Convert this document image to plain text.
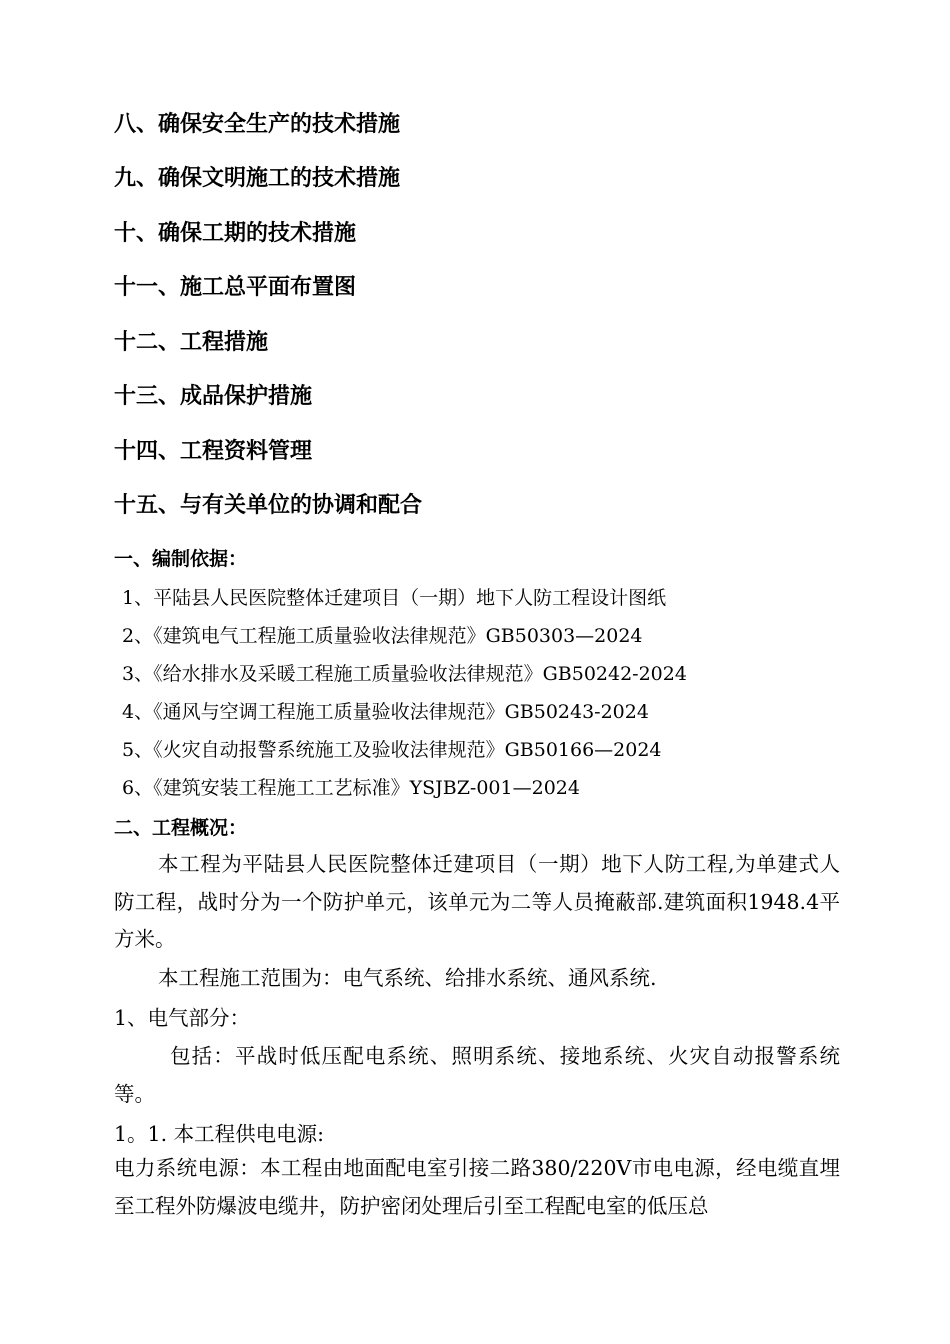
八、确保安全生产的技术措施
九、确保文明施工的技术措施
十、确保工期的技术措施
十一、施工总平面布置图
十二、工程措施
十三、成品保护措施
十四、工程资料管理
十五、与有关单位的协调和配合
一、编制依据：
1、平陆县人民医院整体迁建项目（一期）地下人防工程设计图纸
2、《建筑电气工程施工质量验收法律规范》GB50303—2024
3、《给水排水及采暖工程施工质量验收法律规范》GB50242-2024
4、《通风与空调工程施工质量验收法律规范》GB50243-2024
5、《火灾自动报警系统施工及验收法律规范》GB50166—2024
6、《建筑安装工程施工工艺标准》YSJBZ-001—2024
二、工程概况：
本工程为平陆县人民医院整体迁建项目（一期）地下人防工程,为单建式人防工程，战时分为一个防护单元，该单元为二等人员掩蔽部.建筑面积1948.4平方米。
本工程施工范围为：电气系统、给排水系统、通风系统.
1、电气部分：
包括：平战时低压配电系统、照明系统、接地系统、火灾自动报警系统等。
1。1. 本工程供电电源:
电力系统电源：本工程由地面配电室引接二路380/220V市电电源，经电缆直埋至工程外防爆波电缆井，防护密闭处理后引至工程配电室的低压总
